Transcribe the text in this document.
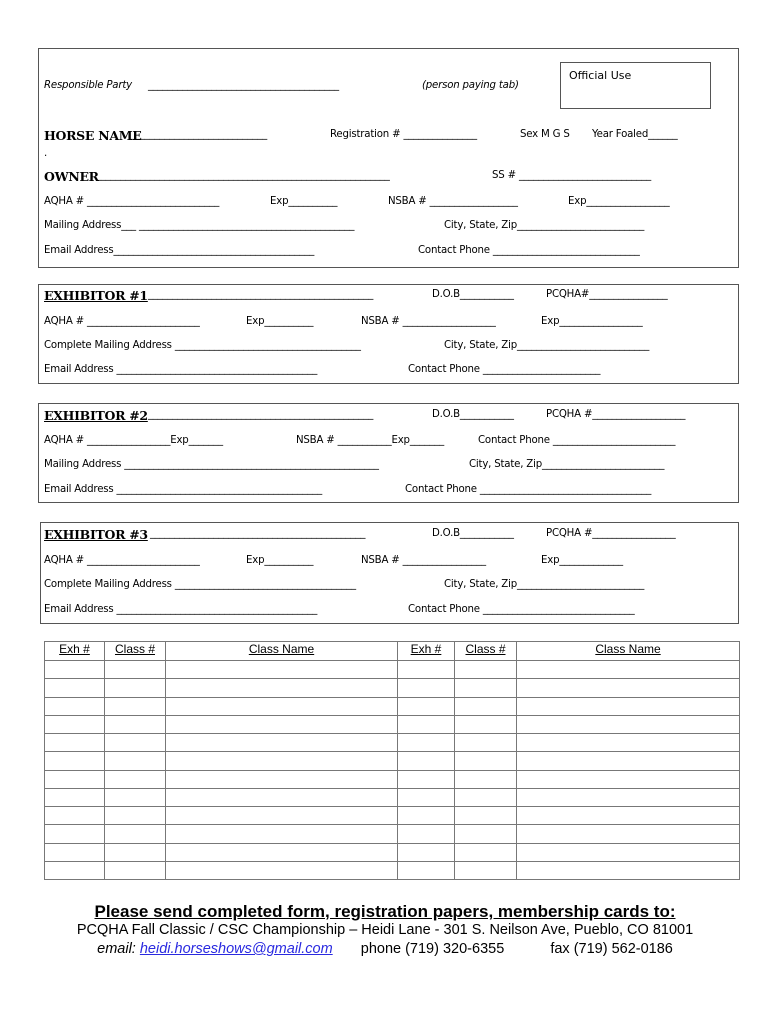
Official Use
Responsible Party _______________________________________	(person paying tab)
HORSE NAME
____________________________	Registration # _______________	Sex M G S Year Foaled______
.
OWNER
____________________________________________________________	SS # ___________________________
AQHA # ___________________________	Exp__________	NSBA # __________________	Exp_________________
Mailing Address___ ____________________________________________	City, State, Zip__________________________
Email Address_________________________________________	Contact Phone ______________________________
EXHIBITOR #1 ______________________________________________	D.O.B___________	PCQHA#________________
AQHA # _______________________	Exp__________	NSBA # ___________________	Exp_________________
Complete Mailing Address ______________________________________	City, State, Zip___________________________
Email Address _________________________________________	Contact Phone ________________________
EXHIBITOR #2 ______________________________________________	D.O.B___________	PCQHA #___________________
AQHA # _________________Exp_______	NSBA # ___________Exp_______	Contact Phone _________________________
Mailing Address ____________________________________________________	City, State, Zip_________________________
Email Address __________________________________________	Contact Phone ___________________________________
EXHIBITOR #3 ____________________________________________	D.O.B___________	PCQHA #_________________
AQHA # _______________________	Exp__________	NSBA # _________________	Exp_____________
Complete Mailing Address _____________________________________	City, State, Zip__________________________
Email Address _________________________________________	Contact Phone _______________________________
Exh #	Class #	Class Name	Exh #	Class #	Class Name

Please send completed form, registration papers, membership cards to:
PCQHA Fall Classic / CSC Championship – Heidi Lane - 301 S. Neilson Ave, Pueblo, CO 81001
email: heidi.horseshows@gmail.com phone (719) 320-6355	fax (719) 562-0186
